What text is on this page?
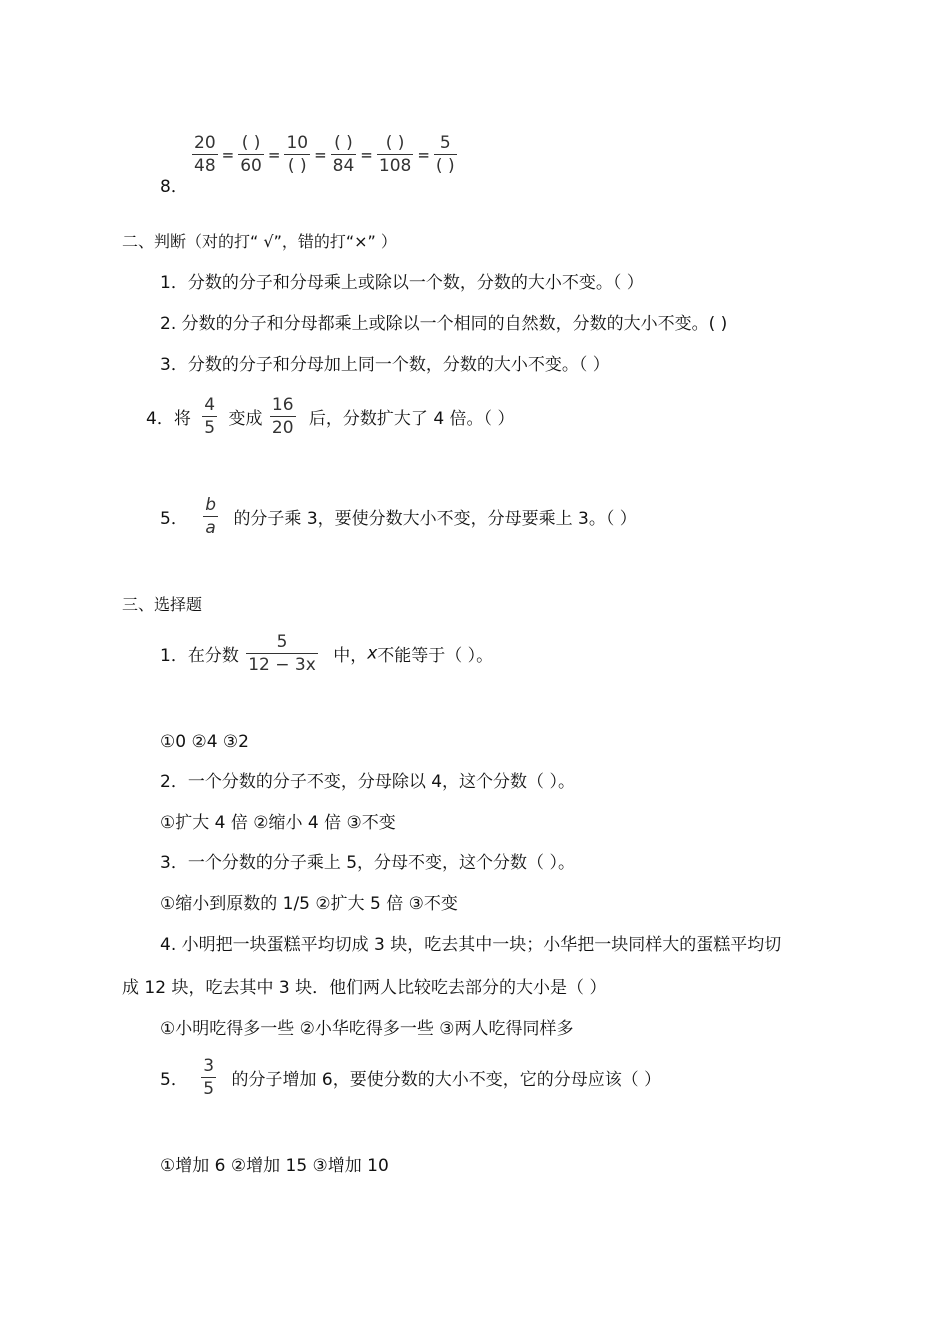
8．
$\frac{20}{48} = \frac{( )}{60} = \frac{10}{( )} = \frac{( )}{84} = \frac{( )}{108} = \frac{5}{( )}$
二、判断（对的打“ √”，错的打“×” ）
1．分数的分子和分母乘上或除以一个数，分数的大小不变。（ ）
2. 分数的分子和分母都乘上或除以一个相同的自然数，分数的大小不变。( )
3．分数的分子和分母加上同一个数，分数的大小不变。（ ）
4．将 $\frac{4}{5}$ 变成 $\frac{16}{20}$ 后，分数扩大了 4 倍。（ ）
5． $\frac{b}{a}$ 的分子乘 3，要使分数大小不变，分母要乘上 3。（ ）
三、选择题
1．在分数 $\frac{5}{12 - 3x}$ 中，x不能等于（ ）。
①0 ②4 ③2
2．一个分数的分子不变，分母除以 4，这个分数（ ）。
①扩大 4 倍 ②缩小 4 倍 ③不变
3．一个分数的分子乘上 5，分母不变，这个分数（ ）。
①缩小到原数的 1/5 ②扩大 5 倍 ③不变
4. 小明把一块蛋糕平均切成 3 块，吃去其中一块；小华把一块同样大的蛋糕平均切
成 12 块，吃去其中 3 块．他们两人比较吃去部分的大小是（ ）
①小明吃得多一些 ②小华吃得多一些 ③两人吃得同样多
5． $\frac{3}{5}$ 的分子增加 6，要使分数的大小不变，它的分母应该（ ）
①增加 6 ②增加 15 ③增加 10
